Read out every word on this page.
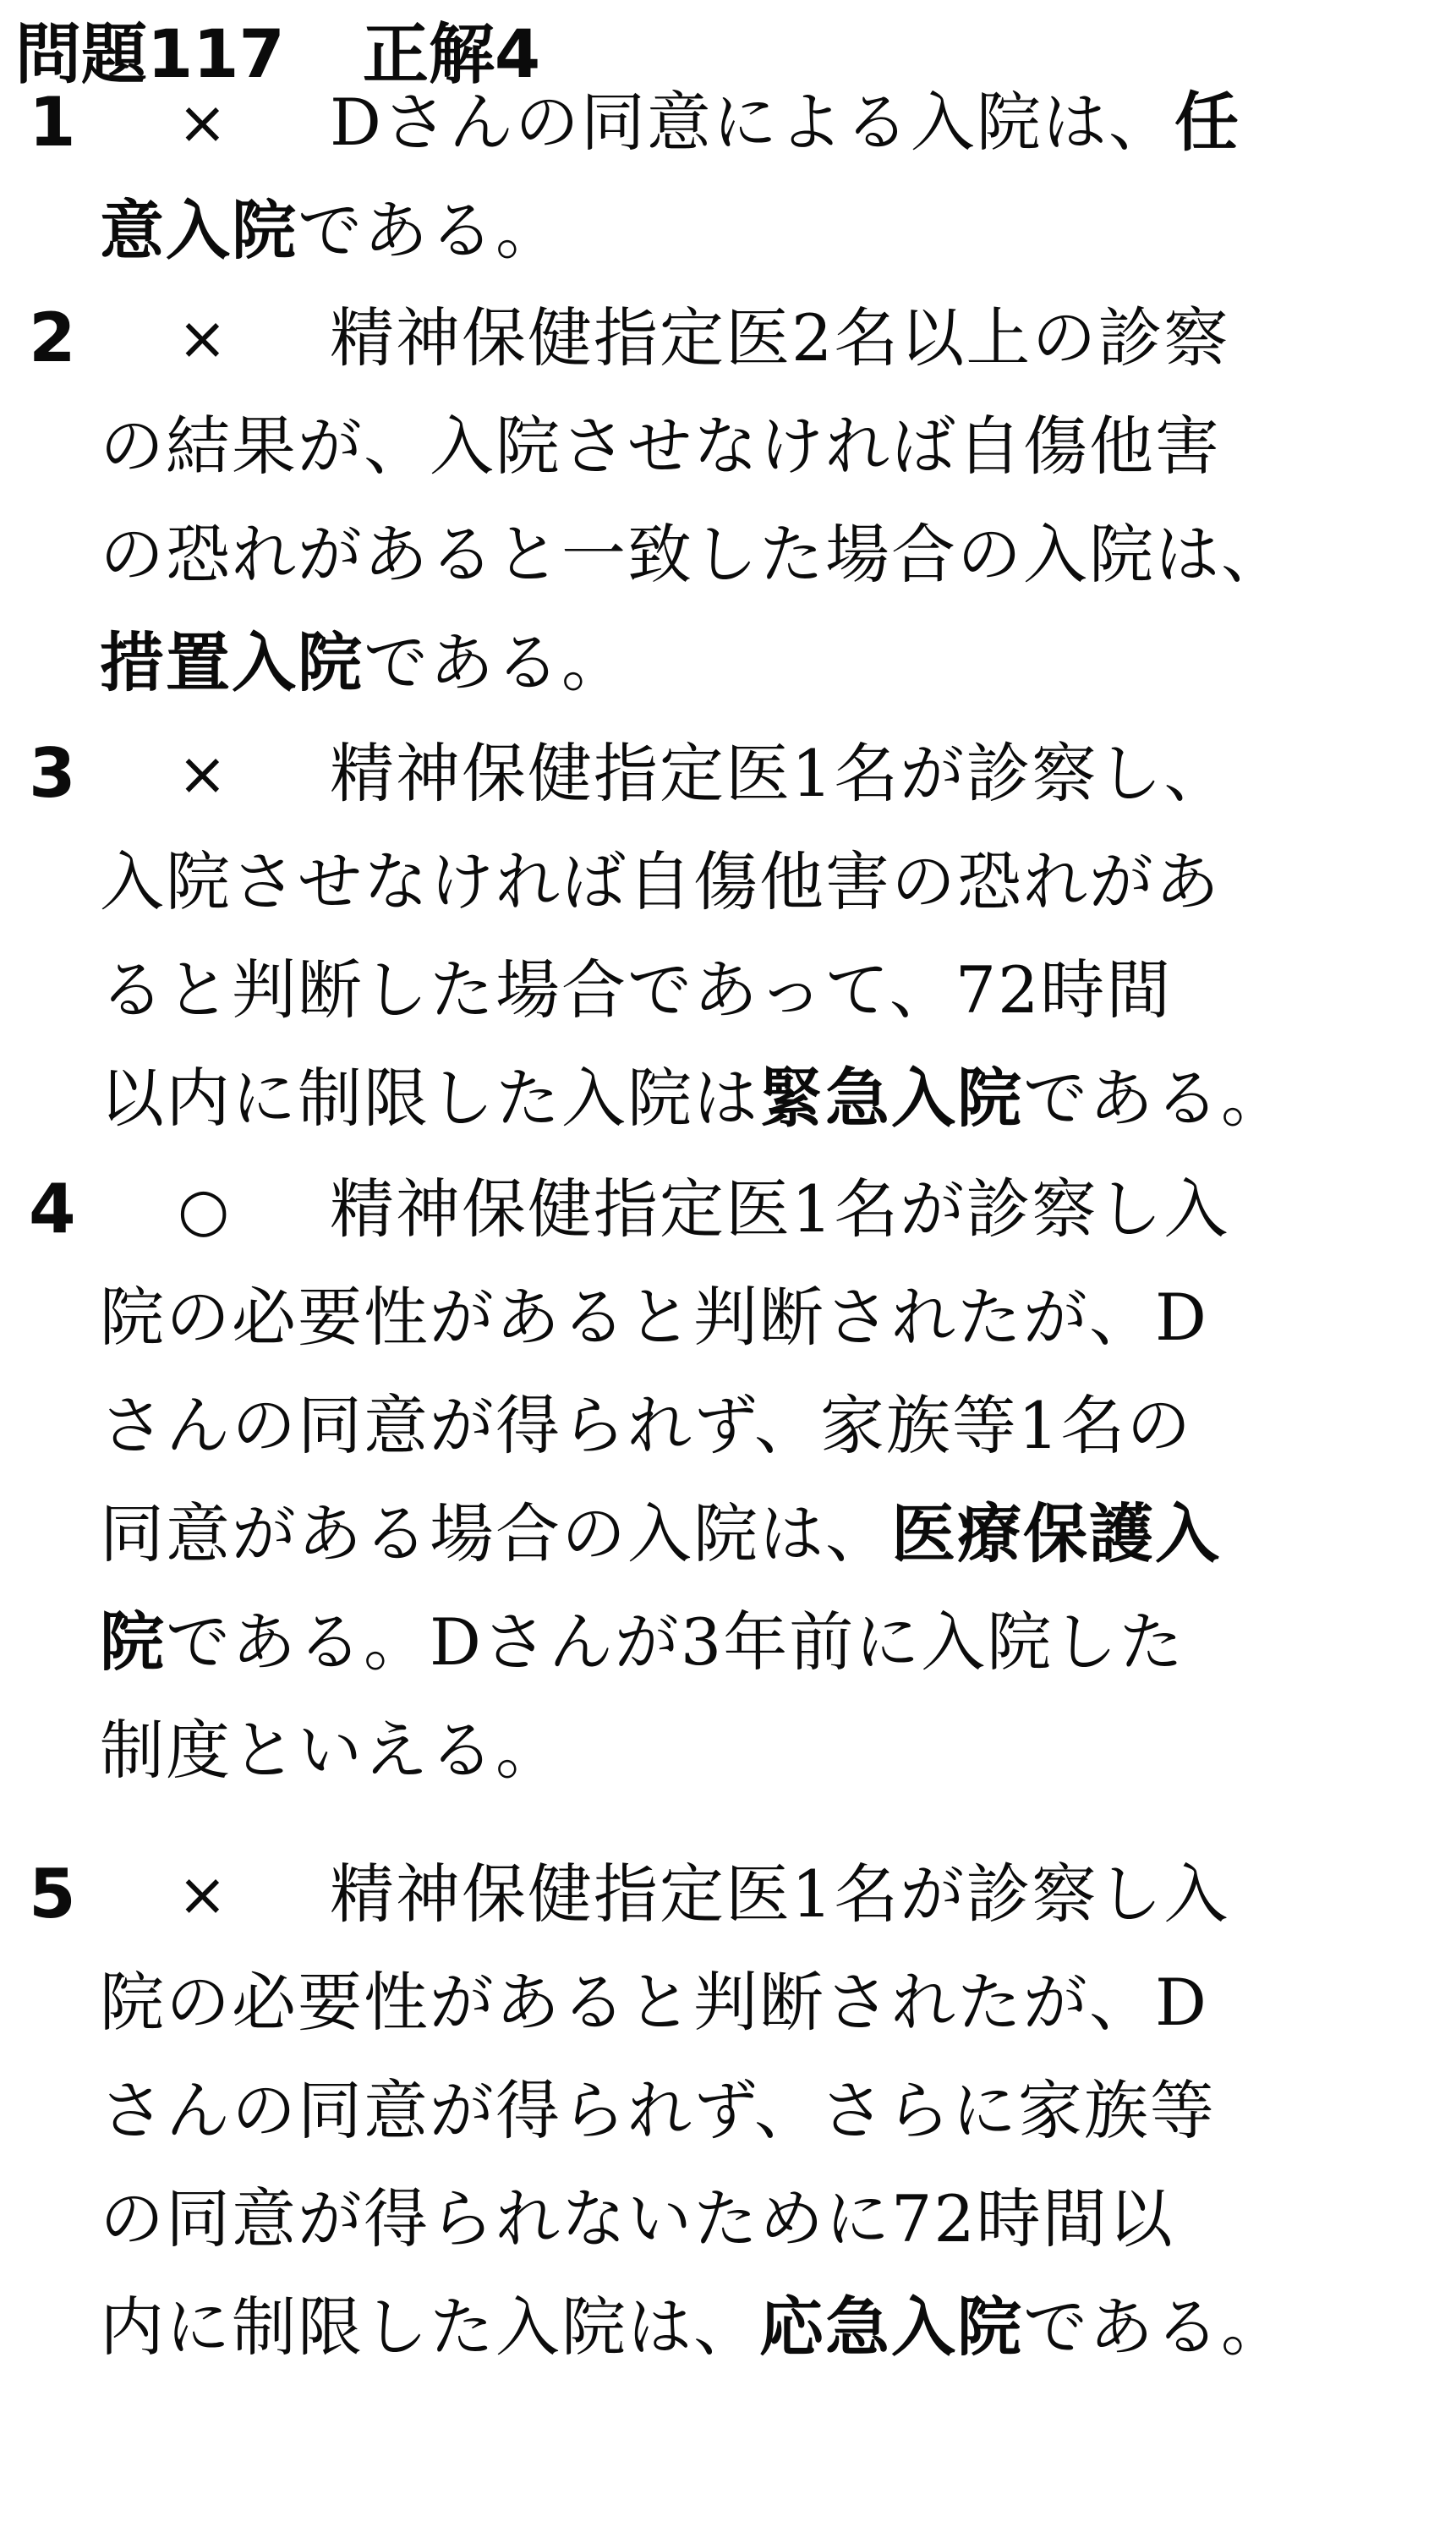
問題117 正解4
1 × Dさんの同意による入院は、任
意入院である。
2 × 精神保健指定医2名以上の診察
の結果が、入院させなければ自傷他害
の恐れがあると一致した場合の入院は、
措置入院である。
3 × 精神保健指定医1名が診察し、
入院させなければ自傷他害の恐れがあ
ると判断した場合であって、72時間
以内に制限した入院は緊急入院である。
4 ○ 精神保健指定医1名が診察し入
院の必要性があると判断されたが、D
さんの同意が得られず、家族等1名の
同意がある場合の入院は、医療保護入
院である。Dさんが3年前に入院した
制度といえる。
5 × 精神保健指定医1名が診察し入
院の必要性があると判断されたが、D
さんの同意が得られず、さらに家族等
の同意が得られないために72時間以
内に制限した入院は、応急入院である。
